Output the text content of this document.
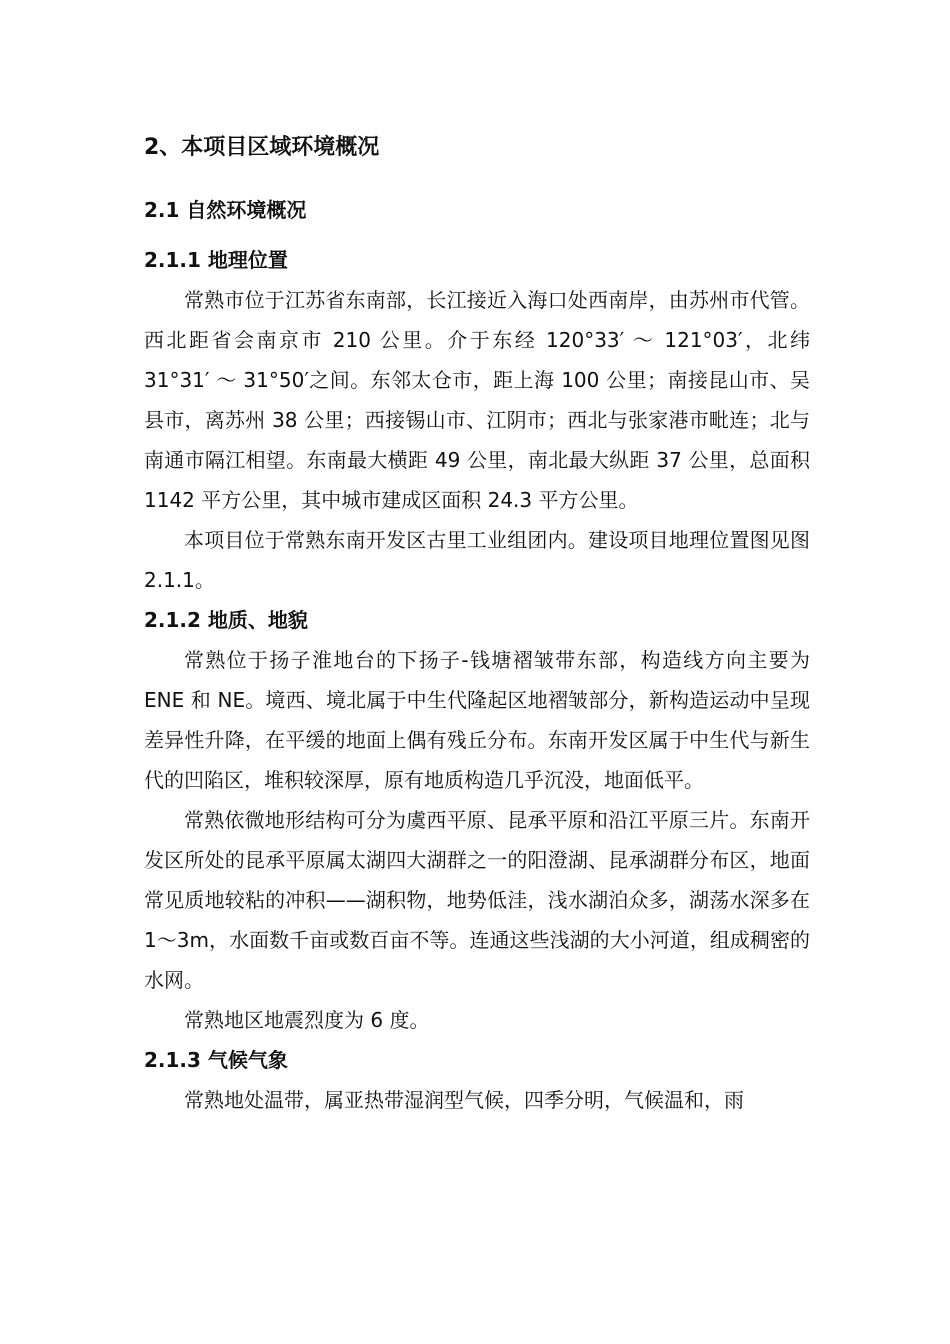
2、本项目区域环境概况
2.1 自然环境概况
2.1.1 地理位置

常熟市位于江苏省东南部，长江接近入海口处西南岸，由苏州市代管。西北距省会南京市 210 公里。介于东经 120°33′ ～ 121°03′，北纬 31°31′ ～ 31°50′之间。东邻太仓市，距上海 100 公里；南接昆山市、吴县市，离苏州 38 公里；西接锡山市、江阴市；西北与张家港市毗连；北与南通市隔江相望。东南最大横距 49 公里，南北最大纵距 37 公里，总面积 1142 平方公里，其中城市建成区面积 24.3 平方公里。

本项目位于常熟东南开发区古里工业组团内。建设项目地理位置图见图 2.1.1。

2.1.2 地质、地貌

常熟位于扬子淮地台的下扬子-钱塘褶皱带东部，构造线方向主要为 ENE 和 NE。境西、境北属于中生代隆起区地褶皱部分，新构造运动中呈现差异性升降，在平缓的地面上偶有残丘分布。东南开发区属于中生代与新生代的凹陷区，堆积较深厚，原有地质构造几乎沉没，地面低平。

常熟依微地形结构可分为虞西平原、昆承平原和沿江平原三片。东南开发区所处的昆承平原属太湖四大湖群之一的阳澄湖、昆承湖群分布区，地面常见质地较粘的冲积——湖积物，地势低洼，浅水湖泊众多，湖荡水深多在 1～3m，水面数千亩或数百亩不等。连通这些浅湖的大小河道，组成稠密的水网。

常熟地区地震烈度为 6 度。

2.1.3 气候气象

常熟地处温带，属亚热带湿润型气候，四季分明，气候温和，雨
